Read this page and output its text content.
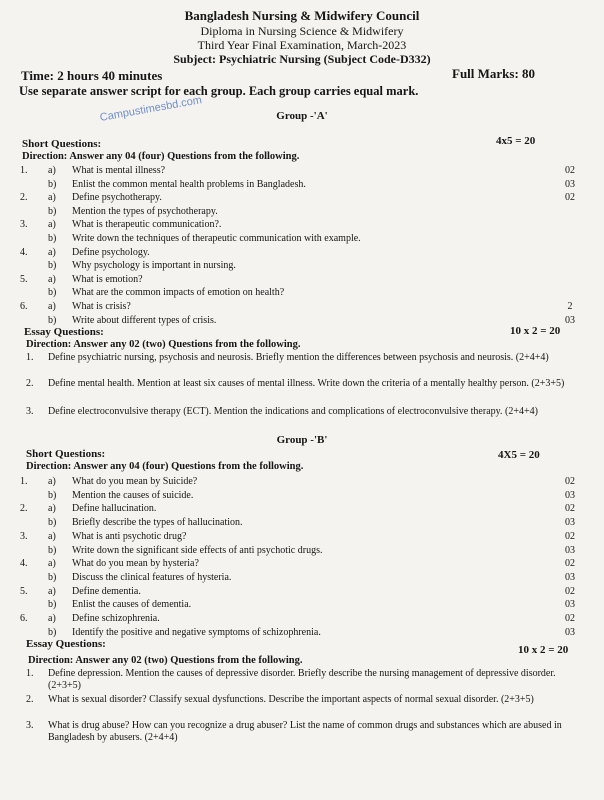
Bangladesh Nursing & Midwifery Council
Diploma in Nursing Science & Midwifery
Third Year Final Examination, March-2023
Subject: Psychiatric Nursing (Subject Code-D332)
Time: 2 hours 40 minutes	Full Marks: 80
Use separate answer script for each group. Each group carries equal mark.
Campustimesbd.com	Group -'A'
Short Questions:	4x5 = 20
Direction: Answer any 04 (four) Questions from the following.
1.	a) What is mental illness?	02
b) Enlist the common mental health problems in Bangladesh.	03
2.	a) Define psychotherapy.	02
b) Mention the types of psychotherapy.
3.	a) What is therapeutic communication?.
b) Write down the techniques of therapeutic communication with example.
4.	a) Define psychology.
b) Why psychology is important in nursing.
5.	a) What is emotion?
b) What are the common impacts of emotion on health?
6.	a) What is crisis?	2
b) Write about different types of crisis.	03
Essay Questions:	10 x 2 = 20
Direction: Answer any 02 (two) Questions from the following.
1.	Define psychiatric nursing, psychosis and neurosis. Briefly mention the differences between psychosis and neurosis. (2+4+4)
2.	Define mental health. Mention at least six causes of mental illness. Write down the criteria of a mentally healthy person. (2+3+5)
3.	Define electroconvulsive therapy (ECT). Mention the indications and complications of electroconvulsive therapy. (2+4+4)
Group -'B'
Short Questions:	4X5 = 20
Direction: Answer any 04 (four) Questions from the following.
1.	a) What do you mean by Suicide?	02
b) Mention the causes of suicide.	03
2.	a) Define hallucination.	02
b) Briefly describe the types of hallucination.	03
3.	a) What is anti psychotic drug?	02
b) Write down the significant side effects of anti psychotic drugs.	03
4.	a) What do you mean by hysteria?	02
b) Discuss the clinical features of hysteria.	03
5.	a) Define dementia.	02
b) Enlist the causes of dementia.	03
6.	a) Define schizophrenia.	02
b) Identify the positive and negative symptoms of schizophrenia.	03
Essay Questions:	10 x 2 = 20
Direction: Answer any 02 (two) Questions from the following.
1.	Define depression. Mention the causes of depressive disorder. Briefly describe the nursing management of depressive disorder.(2+3+5)
2.	What is sexual disorder? Classify sexual dysfunctions. Describe the important aspects of normal sexual disorder. (2+3+5)
3.	What is drug abuse? How can you recognize a drug abuser? List the name of common drugs and substances which are abused in Bangladesh by abusers. (2+4+4)
